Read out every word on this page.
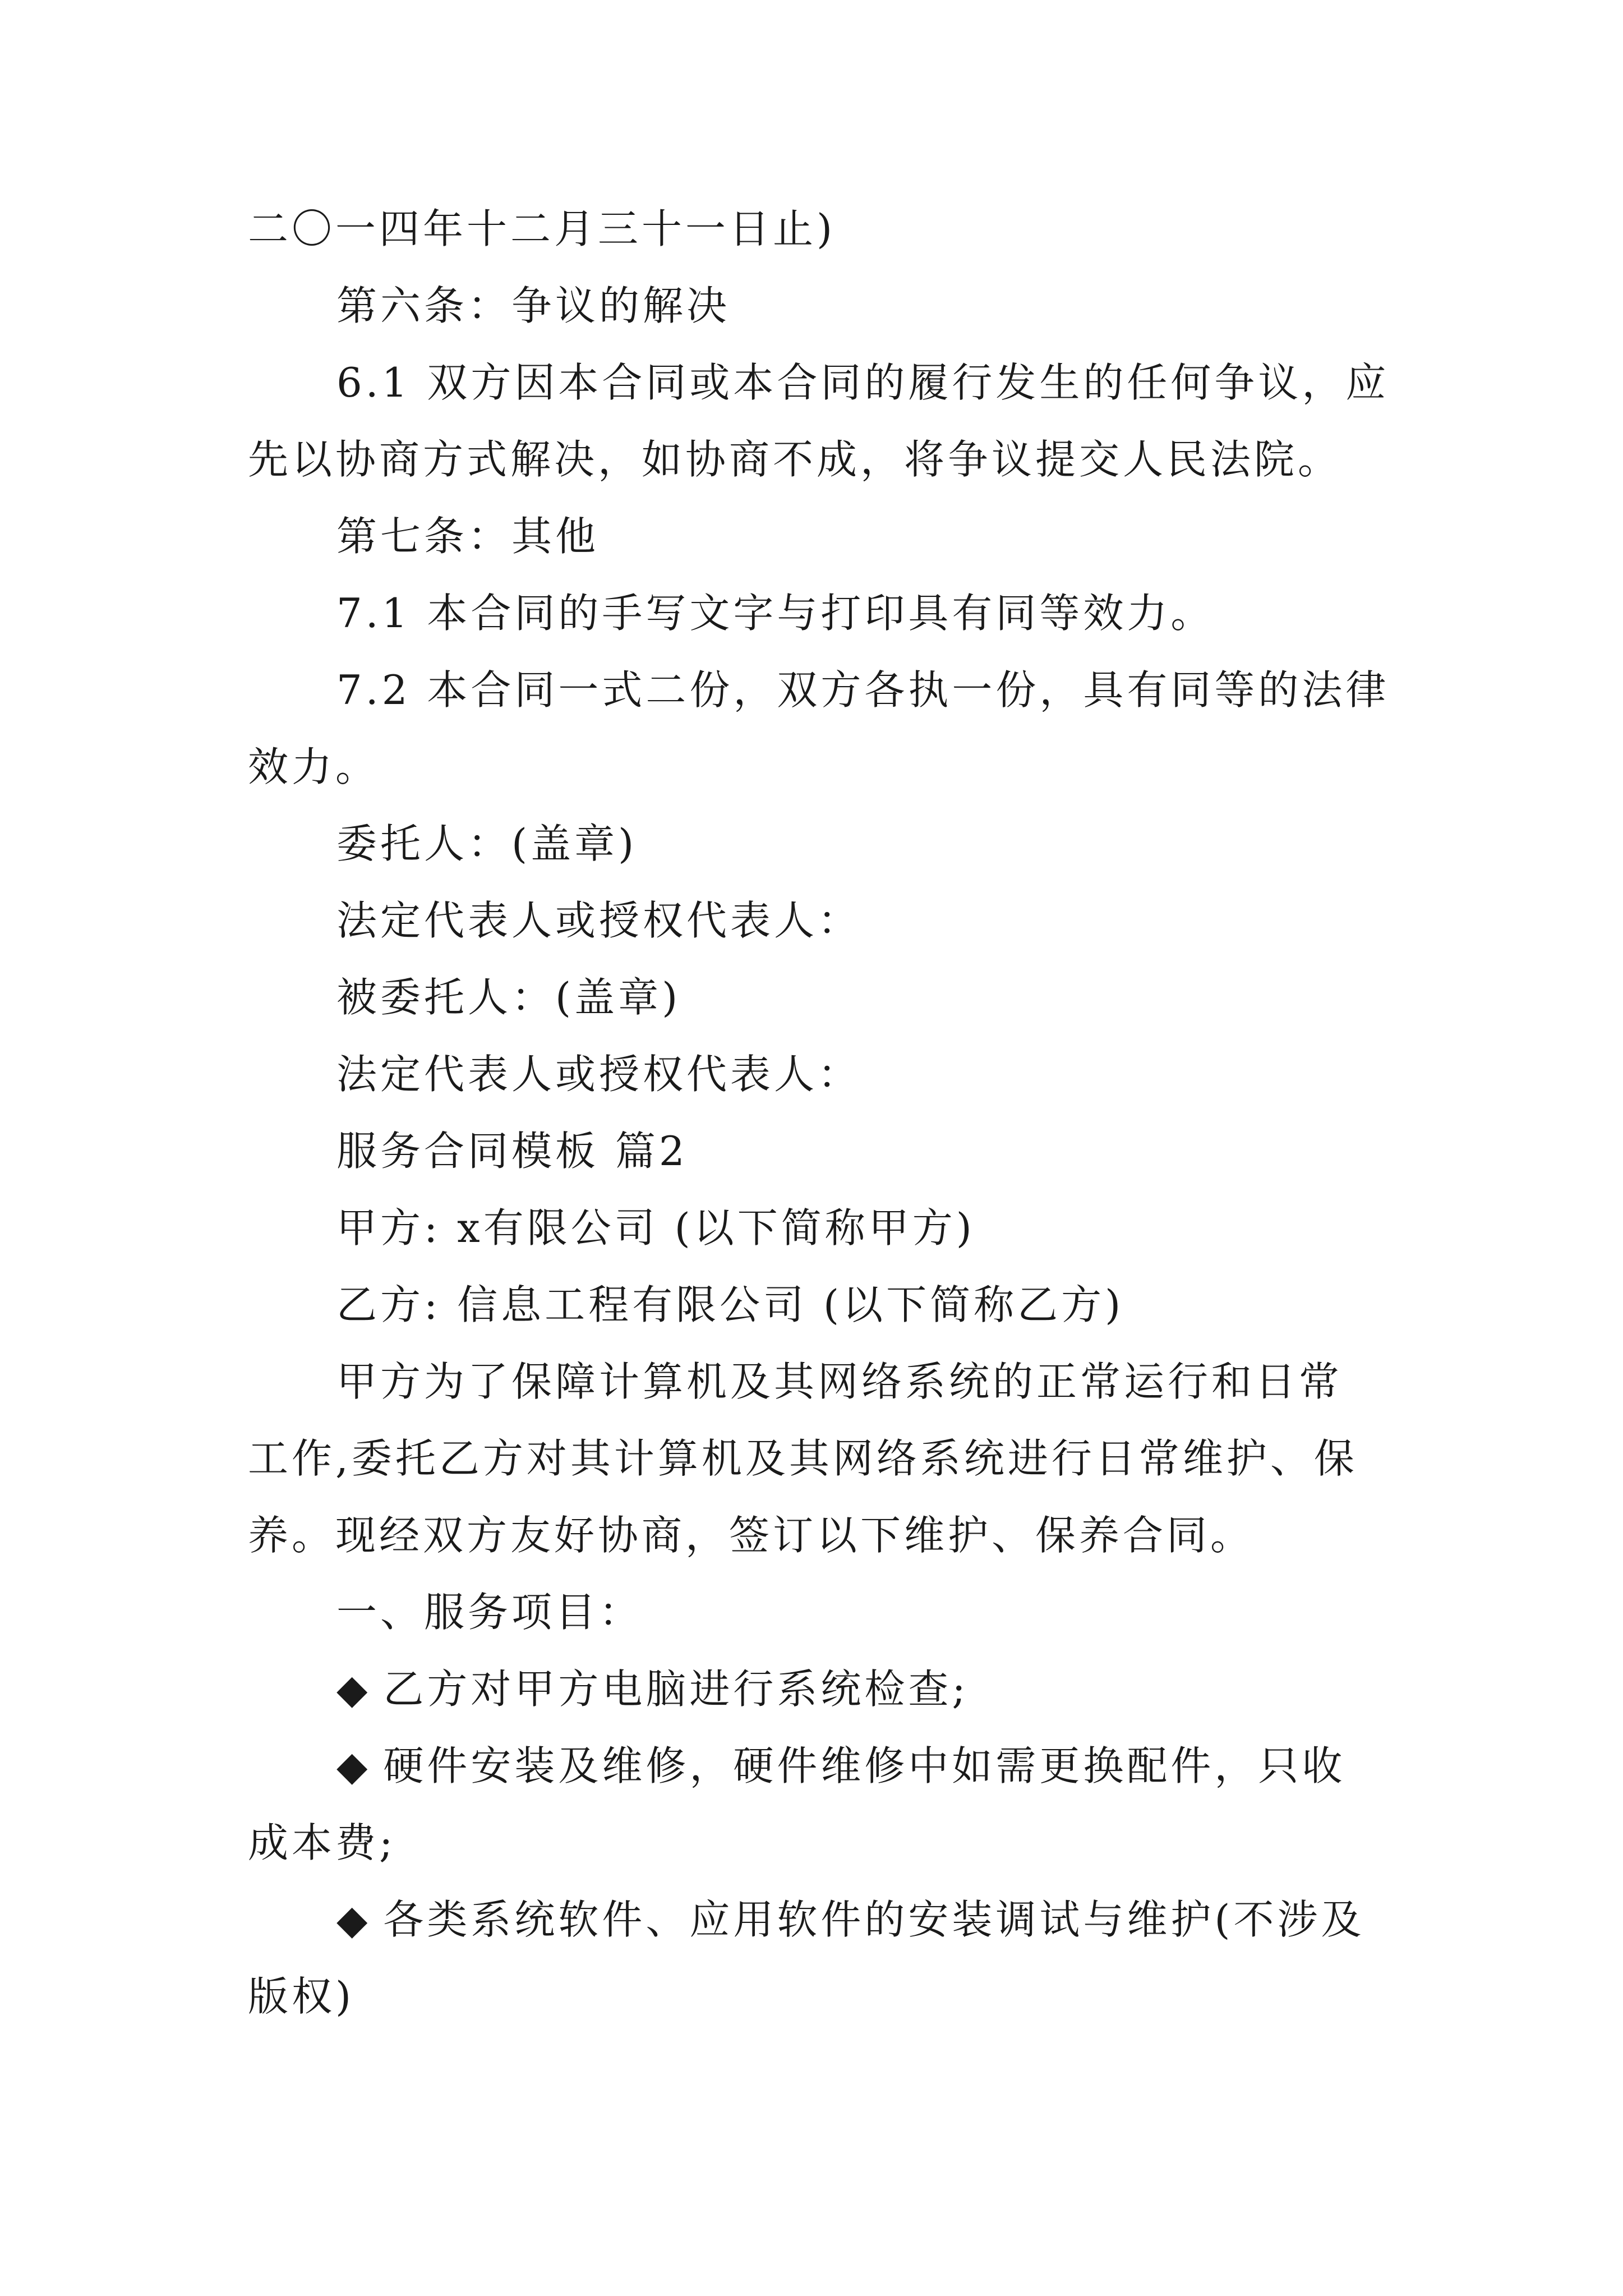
二〇一四年十二月三十一日止)
第六条：争议的解决
6.1 双方因本合同或本合同的履行发生的任何争议，应
先以协商方式解决，如协商不成，将争议提交人民法院。
第七条：其他
7.1 本合同的手写文字与打印具有同等效力。
7.2 本合同一式二份，双方各执一份，具有同等的法律
效力。
委托人：(盖章)
法定代表人或授权代表人：
被委托人：(盖章)
法定代表人或授权代表人：
服务合同模板 篇2
甲方: x有限公司 (以下简称甲方)
乙方: 信息工程有限公司 (以下简称乙方)
甲方为了保障计算机及其网络系统的正常运行和日常
工作,委托乙方对其计算机及其网络系统进行日常维护、保
养。现经双方友好协商，签订以下维护、保养合同。
一、服务项目：
◆ 乙方对甲方电脑进行系统检查;
◆ 硬件安装及维修，硬件维修中如需更换配件，只收
成本费;
◆ 各类系统软件、应用软件的安装调试与维护(不涉及
版权)
